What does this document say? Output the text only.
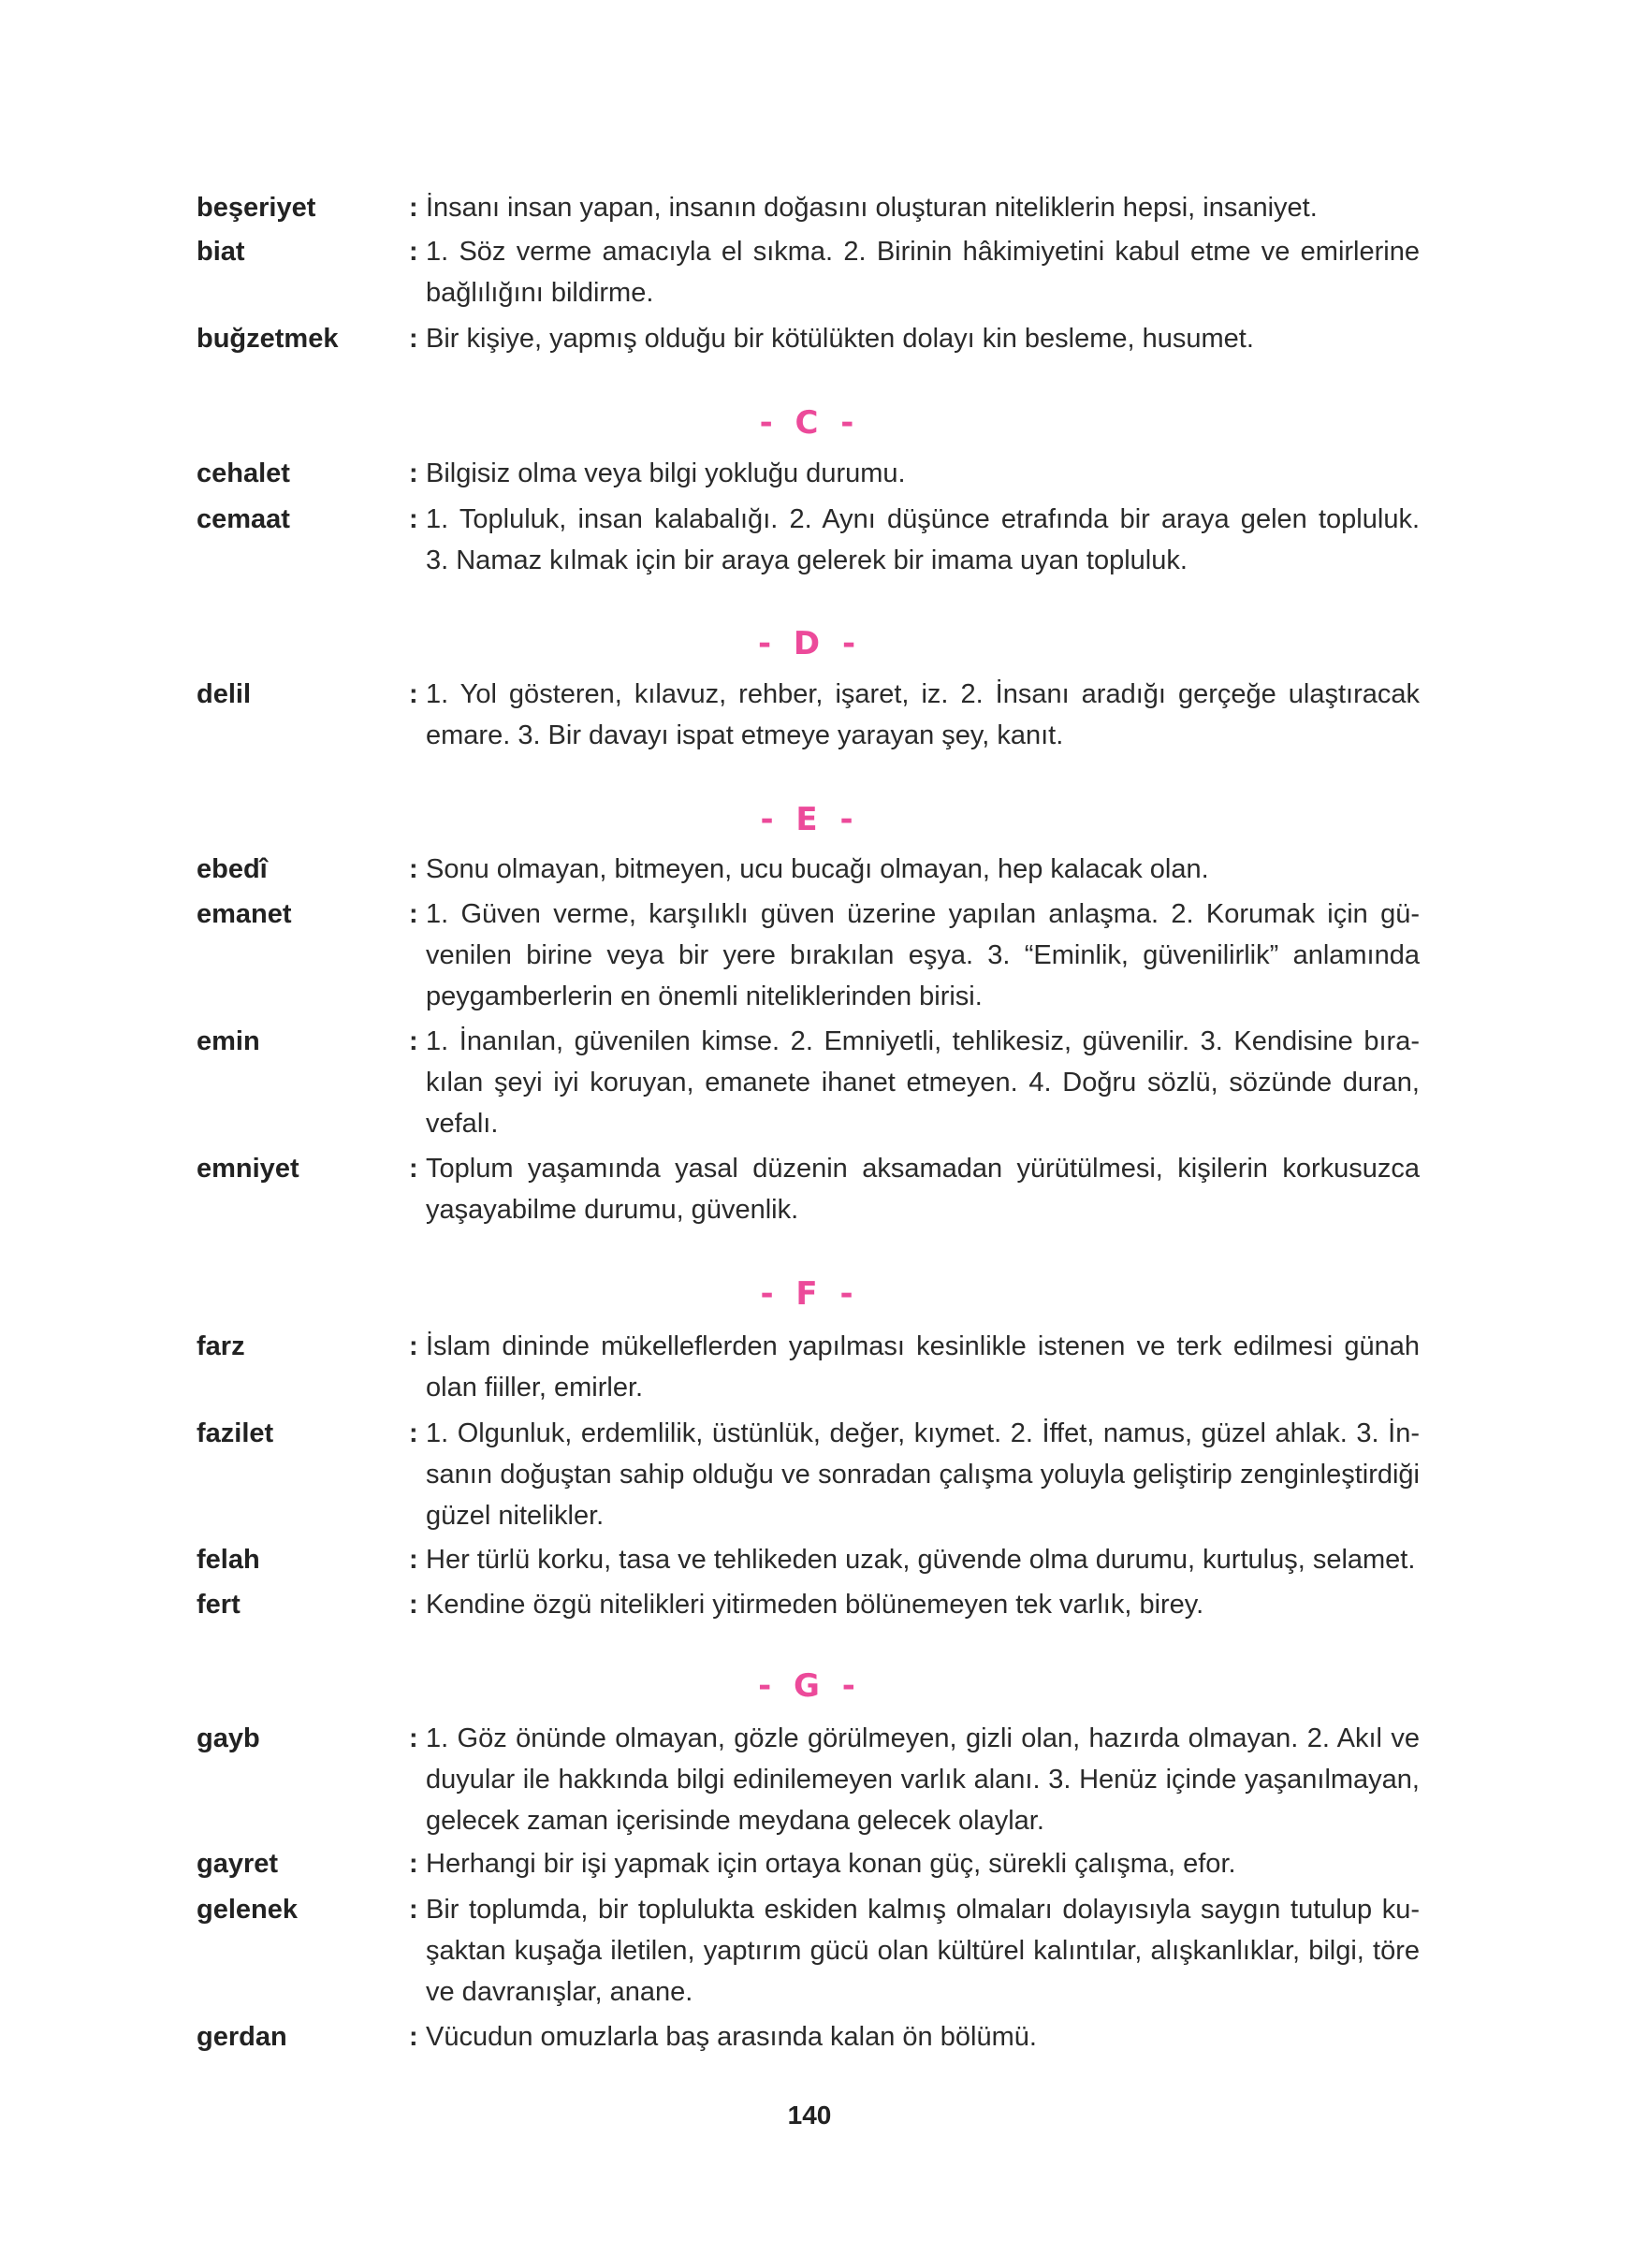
beşeriyet	: İnsanı insan yapan, insanın doğasını oluşturan niteliklerin hepsi, insaniyet.
biat	: 1. Söz verme amacıyla el sıkma. 2. Birinin hâkimiyetini kabul etme ve emirlerine
bağlılığını bildirme.
buğzetmek	: Bir kişiye, yapmış olduğu bir kötülükten dolayı kin besleme, husumet.
- C -
cehalet	: Bilgisiz olma veya bilgi yokluğu durumu.
cemaat	: 1. Topluluk, insan kalabalığı. 2. Aynı düşünce etrafında bir araya gelen topluluk.
3. Namaz kılmak için bir araya gelerek bir imama uyan topluluk.
- D -
delil	: 1. Yol gösteren, kılavuz, rehber, işaret, iz. 2. İnsanı aradığı gerçeğe ulaştıracak
emare. 3. Bir davayı ispat etmeye yarayan şey, kanıt.
- E -
ebedî	: Sonu olmayan, bitmeyen, ucu bucağı olmayan, hep kalacak olan.
emanet	: 1. Güven verme, karşılıklı güven üzerine yapılan anlaşma. 2. Korumak için gü-
venilen birine veya bir yere bırakılan eşya. 3. “Eminlik, güvenilirlik” anlamında
peygamberlerin en önemli niteliklerinden birisi.
emin	: 1. İnanılan, güvenilen kimse. 2. Emniyetli, tehlikesiz, güvenilir. 3. Kendisine bıra-
kılan şeyi iyi koruyan, emanete ihanet etmeyen. 4. Doğru sözlü, sözünde duran,
vefalı.
emniyet	: Toplum yaşamında yasal düzenin aksamadan yürütülmesi, kişilerin korkusuzca
yaşayabilme durumu, güvenlik.
- F -
farz	: İslam dininde mükelleflerden yapılması kesinlikle istenen ve terk edilmesi günah
olan fiiller, emirler.
fazilet	: 1. Olgunluk, erdemlilik, üstünlük, değer, kıymet. 2. İffet, namus, güzel ahlak. 3. İn-
sanın doğuştan sahip olduğu ve sonradan çalışma yoluyla geliştirip zenginleştirdiği
güzel nitelikler.
felah	: Her türlü korku, tasa ve tehlikeden uzak, güvende olma durumu, kurtuluş, selamet.
fert	: Kendine özgü nitelikleri yitirmeden bölünemeyen tek varlık, birey.
- G -
gayb	: 1. Göz önünde olmayan, gözle görülmeyen, gizli olan, hazırda olmayan. 2. Akıl ve
duyular ile hakkında bilgi edinilemeyen varlık alanı. 3. Henüz içinde yaşanılmayan,
gelecek zaman içerisinde meydana gelecek olaylar.
gayret	: Herhangi bir işi yapmak için ortaya konan güç, sürekli çalışma, efor.
gelenek	: Bir toplumda, bir toplulukta eskiden kalmış olmaları dolayısıyla saygın tutulup ku-
şaktan kuşağa iletilen, yaptırım gücü olan kültürel kalıntılar, alışkanlıklar, bilgi, töre
ve davranışlar, anane.
gerdan	: Vücudun omuzlarla baş arasında kalan ön bölümü.
140
